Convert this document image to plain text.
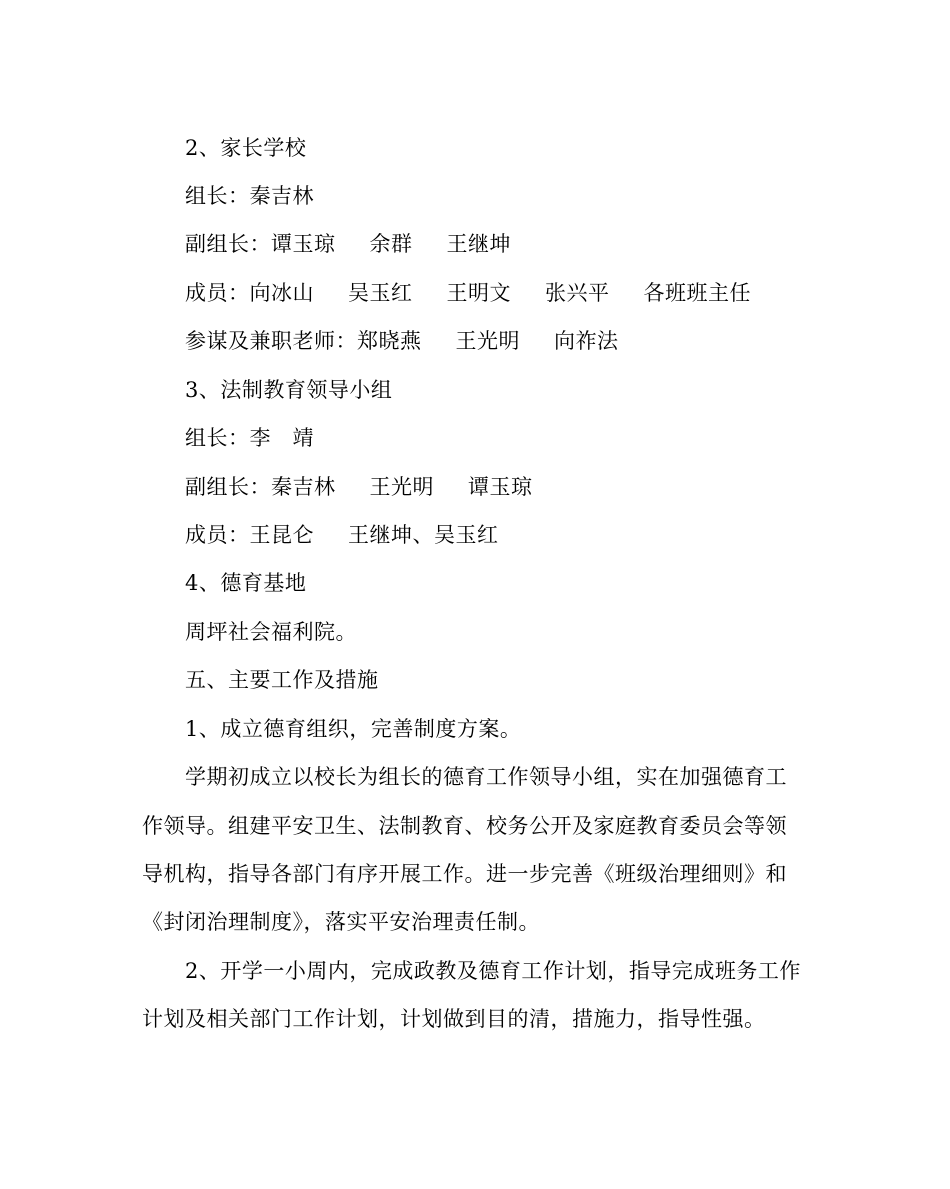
2、家长学校
组长：秦吉林
副组长：谭玉琼 余群 王继坤
成员：向冰山 吴玉红 王明文 张兴平 各班班主任
参谋及兼职老师：郑晓燕 王光明 向祚法
3、法制教育领导小组
组长：李　靖
副组长：秦吉林 王光明 谭玉琼
成员：王昆仑 王继坤、吴玉红
4、德育基地
周坪社会福利院。
五、主要工作及措施
1、成立德育组织，完善制度方案。
学期初成立以校长为组长的德育工作领导小组，实在加强德育工
作领导。组建平安卫生、法制教育、校务公开及家庭教育委员会等领
导机构，指导各部门有序开展工作。进一步完善《班级治理细则》和
《封闭治理制度》，落实平安治理责任制。
2、开学一小周内，完成政教及德育工作计划，指导完成班务工作
计划及相关部门工作计划，计划做到目的清，措施力，指导性强。
